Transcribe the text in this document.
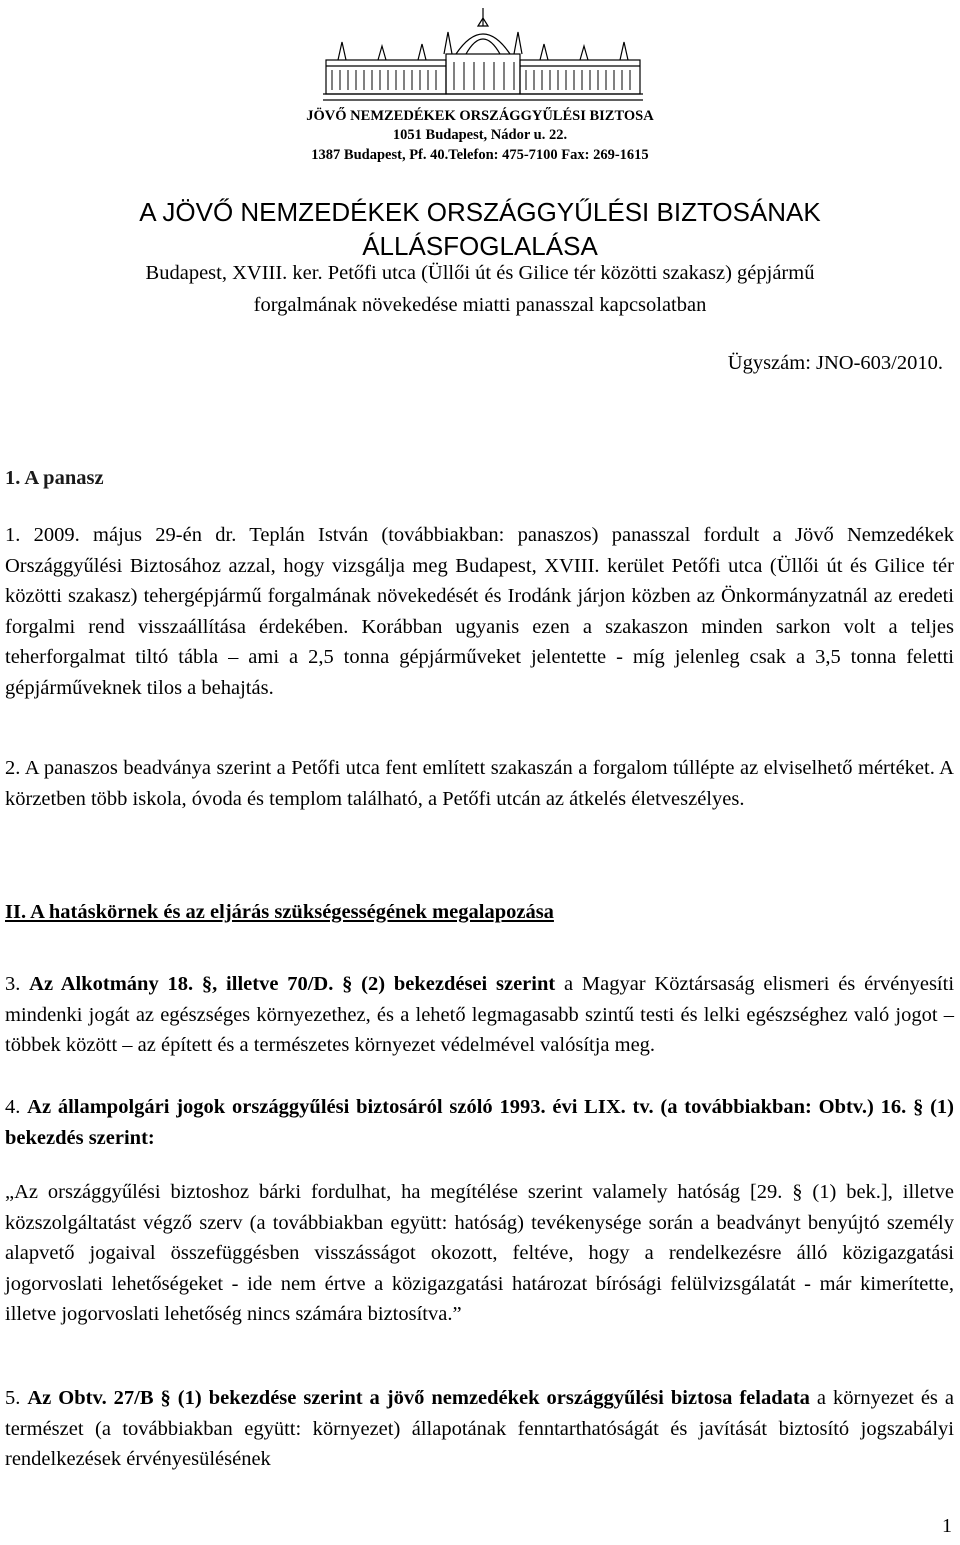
JÖVŐ NEMZEDÉKEK ORSZÁGGYŰLÉSI BIZTOSA
1051 Budapest, Nádor u. 22.
1387 Budapest, Pf. 40.Telefon: 475-7100 Fax: 269-1615
A JÖVŐ NEMZEDÉKEK ORSZÁGGYŰLÉSI BIZTOSÁNAK
ÁLLÁSFOGLALÁSA
Budapest, XVIII. ker. Petőfi utca (Üllői út és Gilice tér közötti szakasz) gépjármű
forgalmának növekedése miatti panasszal kapcsolatban
Ügyszám: JNO-603/2010.
1. A panasz
1. 2009. május 29-én dr. Teplán István (továbbiakban: panaszos) panasszal fordult a Jövő Nemzedékek Országgyűlési Biztosához azzal, hogy vizsgálja meg Budapest, XVIII. kerület Petőfi utca (Üllői út és Gilice tér közötti szakasz) tehergépjármű forgalmának növekedését és Irodánk járjon közben az Önkormányzatnál az eredeti forgalmi rend visszaállítása érdekében. Korábban ugyanis ezen a szakaszon minden sarkon volt a teljes teherforgalmat tiltó tábla – ami a 2,5 tonna gépjárműveket jelentette - míg jelenleg csak a 3,5 tonna feletti gépjárműveknek tilos a behajtás.
2. A panaszos beadványa szerint a Petőfi utca fent említett szakaszán a forgalom túllépte az elviselhető mértéket. A körzetben több iskola, óvoda és templom található, a Petőfi utcán az átkelés életveszélyes.
II. A hatáskörnek és az eljárás szükségességének megalapozása
3. Az Alkotmány 18. §, illetve 70/D. § (2) bekezdései szerint a Magyar Köztársaság elismeri és érvényesíti mindenki jogát az egészséges környezethez, és a lehető legmagasabb szintű testi és lelki egészséghez való jogot – többek között – az épített és a természetes környezet védelmével valósítja meg.
4. Az állampolgári jogok országgyűlési biztosáról szóló 1993. évi LIX. tv. (a továbbiakban: Obtv.) 16. § (1) bekezdés szerint:
„Az országgyűlési biztoshoz bárki fordulhat, ha megítélése szerint valamely hatóság [29. § (1) bek.], illetve közszolgáltatást végző szerv (a továbbiakban együtt: hatóság) tevékenysége során a beadványt benyújtó személy alapvető jogaival összefüggésben visszásságot okozott, feltéve, hogy a rendelkezésre álló közigazgatási jogorvoslati lehetőségeket - ide nem értve a közigazgatási határozat bírósági felülvizsgálatát - már kimerítette, illetve jogorvoslati lehetőség nincs számára biztosítva.”
5. Az Obtv. 27/B § (1) bekezdése szerint a jövő nemzedékek országgyűlési biztosa feladata a környezet és a természet (a továbbiakban együtt: környezet) állapotának fenntarthatóságát és javítását biztosító jogszabályi rendelkezések érvényesülésének
1
